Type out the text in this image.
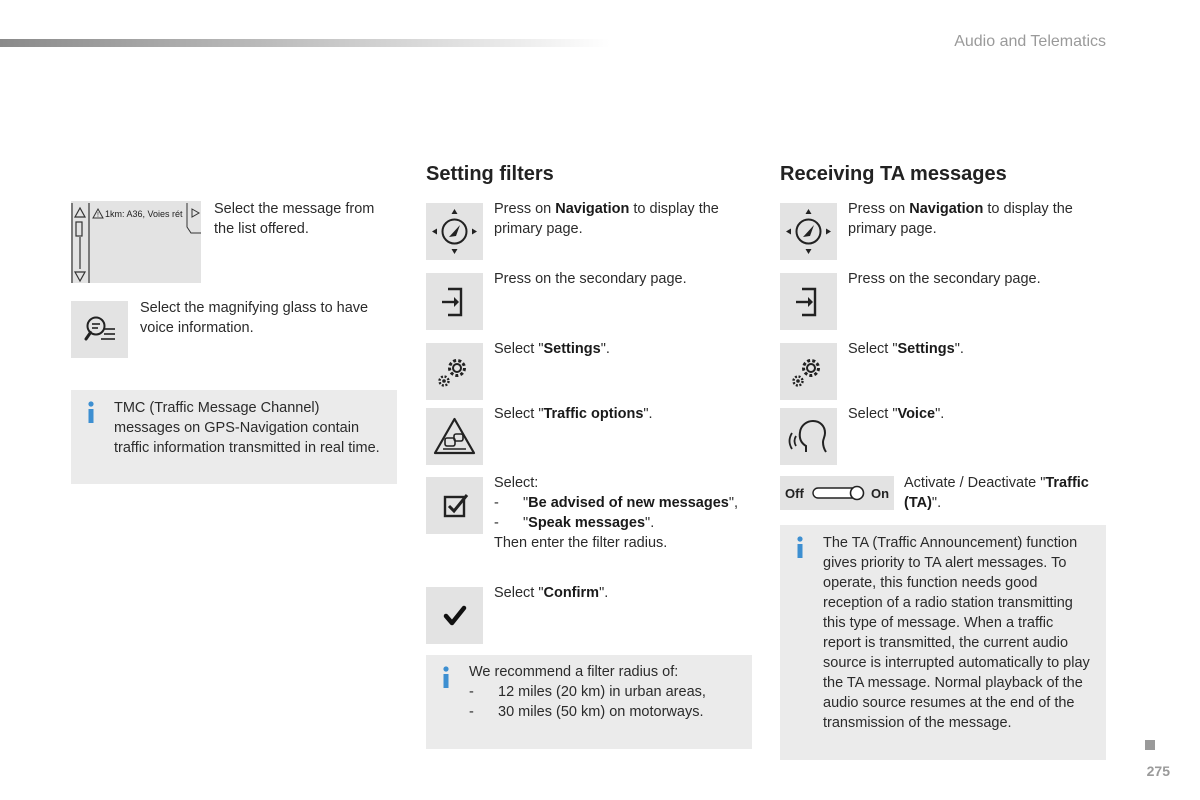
Audio and Telematics
! 1km: A36, Voies rét Select the message from the list offered.
Select the magnifying glass to have voice information.
TMC (Traffic Message Channel) messages on GPS-Navigation contain traffic information transmitted in real time.
Setting filters
Press on Navigation to display the primary page.
Press on the secondary page.
Select "Settings".
Select "Traffic options".
Select:
- "Be advised of new messages",
- "Speak messages".
Then enter the filter radius.
Select "Confirm".
We recommend a filter radius of:
- 12 miles (20 km) in urban areas,
- 30 miles (50 km) on motorways.
Receiving TA messages
Press on Navigation to display the primary page.
Press on the secondary page.
Select "Settings".
Select "Voice".
Off	On
Activate / Deactivate "Traffic (TA)".
The TA (Traffic Announcement) function gives priority to TA alert messages. To operate, this function needs good reception of a radio station transmitting this type of message. When a traffic report is transmitted, the current audio source is interrupted automatically to play the TA message. Normal playback of the audio source resumes at the end of the transmission of the message.
275
